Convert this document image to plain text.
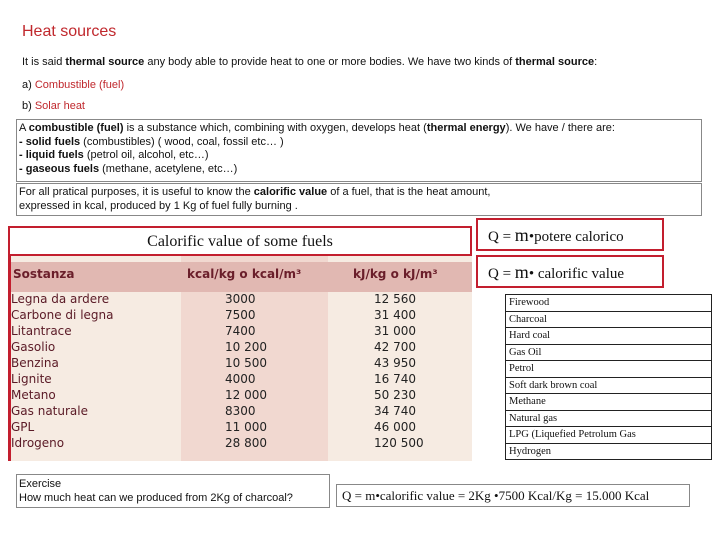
Heat sources
It is said thermal source any body able to provide heat to one or more bodies. We have two kinds of thermal source:
a) Combustible (fuel)
b) Solar heat
A combustible (fuel) is a substance which, combining with oxygen, develops heat (thermal energy). We have / there are:
- solid fuels (combustibles) ( wood, coal, fossil etc… )
- liquid fuels (petrol oil, alcohol, etc…)
- gaseous fuels (methane, acetylene, etc…)
For all pratical purposes, it is useful to know the calorific value of a fuel, that is the heat amount,
expressed in kcal, produced by 1 Kg of fuel fully burning .
Sostanza	kcal/kg o kcal/m³	kJ/kg o kJ/m³
Legna da ardere	3000	12 560
Carbone di legna	7500	31 400
Litantrace	7400	31 000
Gasolio	10 200	42 700
Benzina	10 500	43 950
Lignite	4000	16 740
Metano	12 000	50 230
Gas naturale	8300	34 740
GPL	11 000	46 000
Idrogeno	28 800	120 500
Calorific value of some fuels	Q = m•potere calorico
Q = m• calorific value
Firewood
Charcoal
Hard coal
Gas Oil
Petrol
Soft dark brown coal
Methane
Natural gas
LPG (Liquefied Petrolum Gas
Hydrogen
Exercise
How much heat can we produced from 2Kg of charcoal?	Q = m•calorific value = 2Kg •7500 Kcal/Kg = 15.000 Kcal
